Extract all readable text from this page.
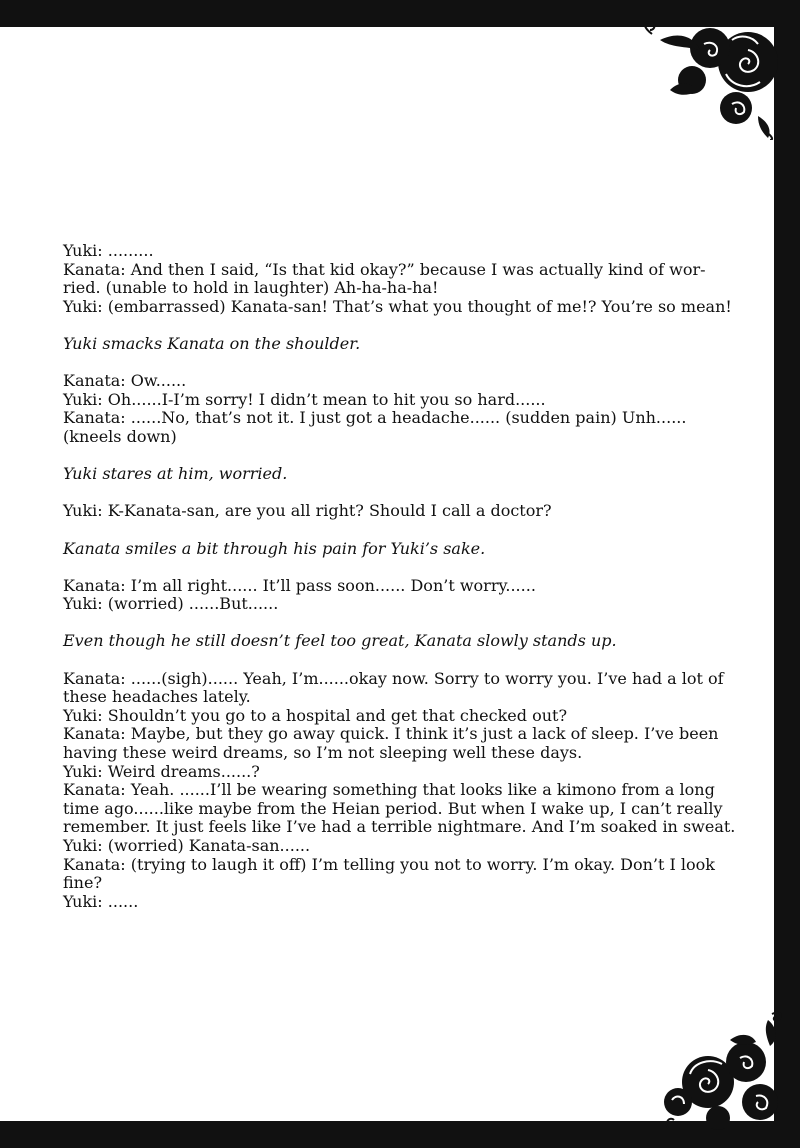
Yuki: .........

Kanata: And then I said, “Is that kid okay?” because I was actually kind of wor-

ried. (unable to hold in laughter) Ah-ha-ha-ha!

Yuki: (embarrassed) Kanata-san! That’s what you thought of me!? You’re so mean!

Yuki smacks Kanata on the shoulder.

Kanata: Ow......

Yuki: Oh......I-I’m sorry! I didn’t mean to hit you so hard......

Kanata: ......No, that’s not it. I just got a headache...... (sudden pain) Unh......

(kneels down)

Yuki stares at him, worried.

Yuki: K-Kanata-san, are you all right? Should I call a doctor?

Kanata smiles a bit through his pain for Yuki’s sake.

Kanata: I’m all right...... It’ll pass soon...... Don’t worry......

Yuki: (worried) ......But......

Even though he still doesn’t feel too great, Kanata slowly stands up.

Kanata: ......(sigh)...... Yeah, I’m......okay now. Sorry to worry you. I’ve had a lot of

these headaches lately.

Yuki: Shouldn’t you go to a hospital and get that checked out?

Kanata: Maybe, but they go away quick. I think it’s just a lack of sleep. I’ve been

having these weird dreams, so I’m not sleeping well these days.

Yuki: Weird dreams......?

Kanata: Yeah. ......I’ll be wearing something that looks like a kimono from a long

time ago......like maybe from the Heian period. But when I wake up, I can’t really

remember. It just feels like I’ve had a terrible nightmare. And I’m soaked in sweat.

Yuki: (worried) Kanata-san......

Kanata: (trying to laugh it off) I’m telling you not to worry. I’m okay. Don’t I look

fine?

Yuki: ......
